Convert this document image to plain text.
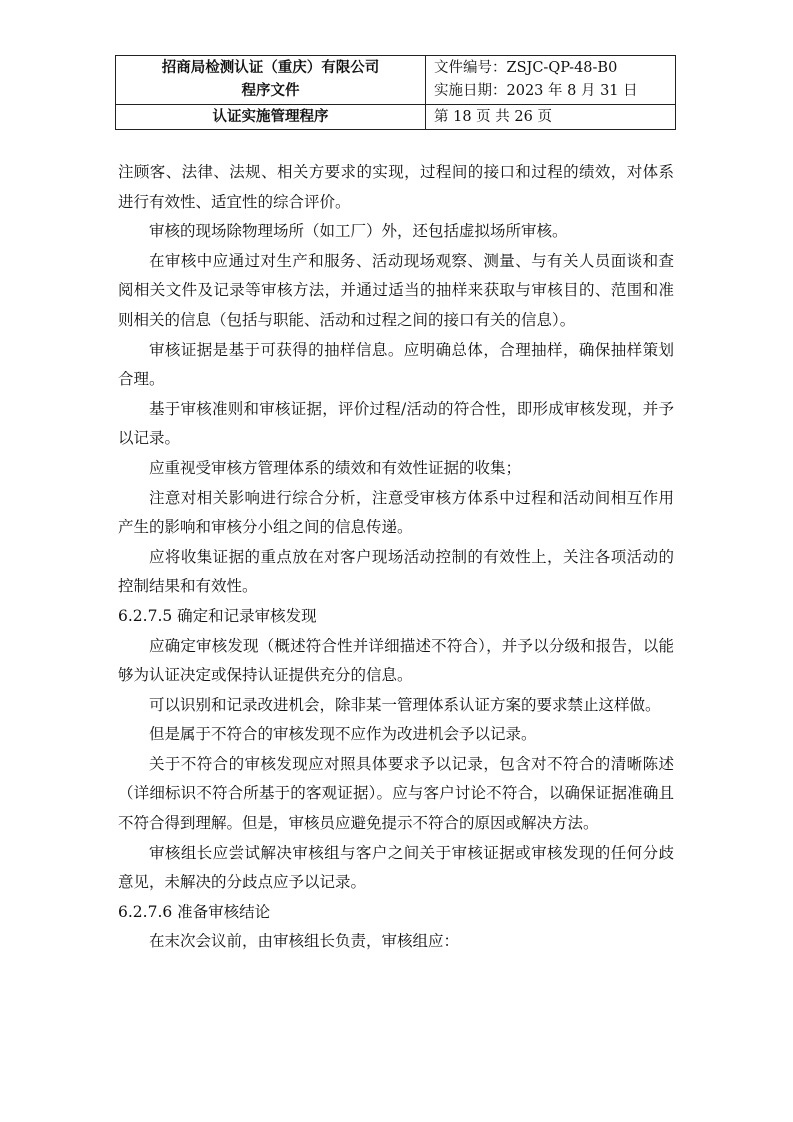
招商局检测认证（重庆）有限公司
程序文件
认证实施管理程序
文件编号：ZSJC-QP-48-B0
实施日期：2023 年 8 月 31 日
第 18 页 共 26 页

注顾客、法律、法规、相关方要求的实现，过程间的接口和过程的绩效，对体系进行有效性、适宜性的综合评价。

审核的现场除物理场所（如工厂）外，还包括虚拟场所审核。

在审核中应通过对生产和服务、活动现场观察、测量、与有关人员面谈和查阅相关文件及记录等审核方法，并通过适当的抽样来获取与审核目的、范围和准则相关的信息（包括与职能、活动和过程之间的接口有关的信息）。

审核证据是基于可获得的抽样信息。应明确总体，合理抽样，确保抽样策划合理。

基于审核准则和审核证据，评价过程/活动的符合性，即形成审核发现，并予以记录。

应重视受审核方管理体系的绩效和有效性证据的收集；

注意对相关影响进行综合分析，注意受审核方体系中过程和活动间相互作用产生的影响和审核分小组之间的信息传递。

应将收集证据的重点放在对客户现场活动控制的有效性上，关注各项活动的控制结果和有效性。

6.2.7.5 确定和记录审核发现

应确定审核发现（概述符合性并详细描述不符合），并予以分级和报告，以能够为认证决定或保持认证提供充分的信息。

可以识别和记录改进机会，除非某一管理体系认证方案的要求禁止这样做。

但是属于不符合的审核发现不应作为改进机会予以记录。

关于不符合的审核发现应对照具体要求予以记录，包含对不符合的清晰陈述（详细标识不符合所基于的客观证据）。应与客户讨论不符合，以确保证据准确且不符合得到理解。但是，审核员应避免提示不符合的原因或解决方法。

审核组长应尝试解决审核组与客户之间关于审核证据或审核发现的任何分歧意见，未解决的分歧点应予以记录。

6.2.7.6 准备审核结论

在末次会议前，由审核组长负责，审核组应：
